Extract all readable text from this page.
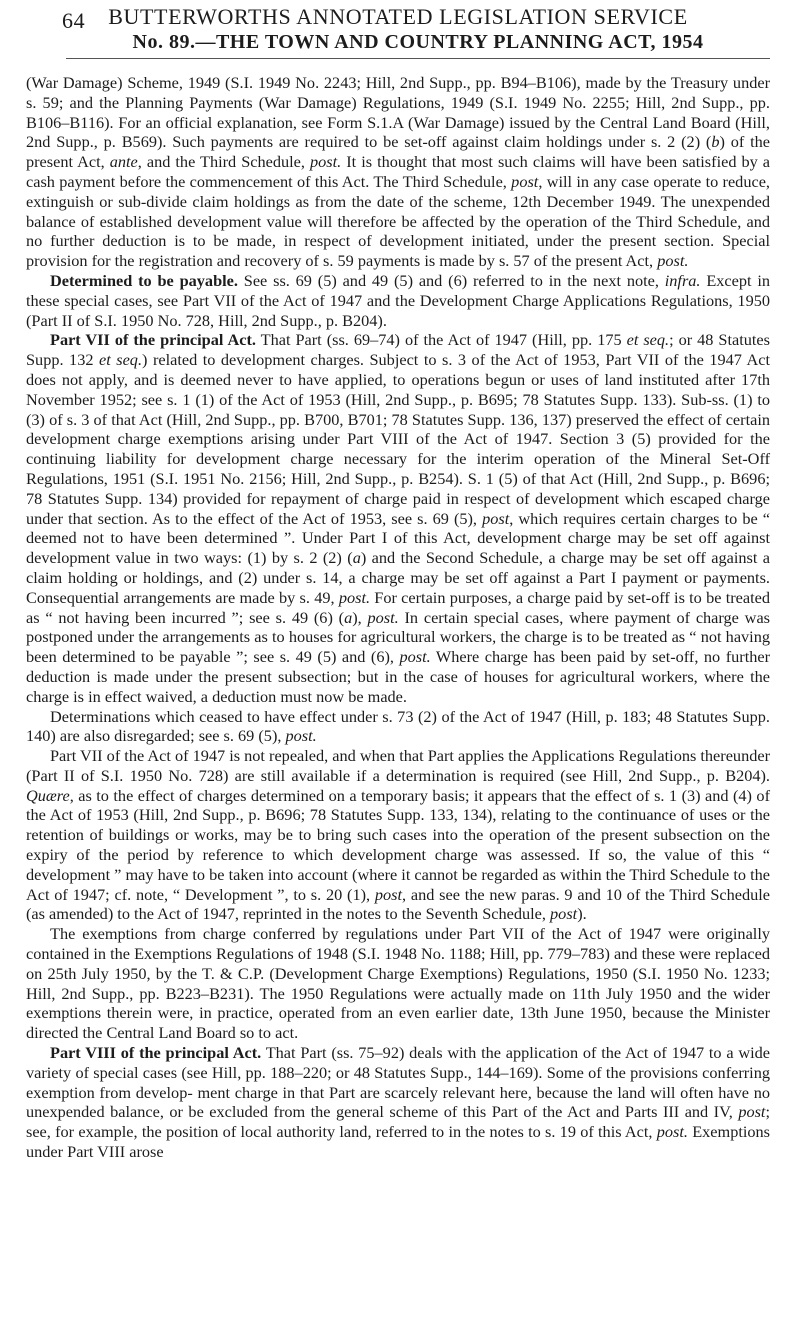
64 BUTTERWORTHS ANNOTATED LEGISLATION SERVICE
No. 89.—THE TOWN AND COUNTRY PLANNING ACT, 1954

(War Damage) Scheme, 1949 (S.I. 1949 No. 2243; Hill, 2nd Supp., pp. B94–B106), made by the Treasury under s. 59; and the Planning Payments (War Damage) Regulations, 1949 (S.I. 1949 No. 2255; Hill, 2nd Supp., pp. B106–B116). For an official explanation, see Form S.1.A (War Damage) issued by the Central Land Board (Hill, 2nd Supp., p. B569). Such payments are required to be set-off against claim holdings under s. 2 (2) (b) of the present Act, ante, and the Third Schedule, post. It is thought that most such claims will have been satisfied by a cash payment before the commencement of this Act. The Third Schedule, post, will in any case operate to reduce, extinguish or sub-divide claim holdings as from the date of the scheme, 12th December 1949. The unexpended balance of established development value will therefore be affected by the operation of the Third Schedule, and no further deduction is to be made, in respect of development initiated, under the present section. Special provision for the registration and recovery of s. 59 payments is made by s. 57 of the present Act, post.

Determined to be payable. See ss. 69 (5) and 49 (5) and (6) referred to in the next note, infra. Except in these special cases, see Part VII of the Act of 1947 and the Development Charge Applications Regulations, 1950 (Part II of S.I. 1950 No. 728, Hill, 2nd Supp., p. B204).

Part VII of the principal Act. That Part (ss. 69–74) of the Act of 1947 (Hill, pp. 175 et seq.; or 48 Statutes Supp. 132 et seq.) related to development charges. Subject to s. 3 of the Act of 1953, Part VII of the 1947 Act does not apply, and is deemed never to have applied, to operations begun or uses of land instituted after 17th November 1952; see s. 1 (1) of the Act of 1953 (Hill, 2nd Supp., p. B695; 78 Statutes Supp. 133). Sub-ss. (1) to (3) of s. 3 of that Act (Hill, 2nd Supp., pp. B700, B701; 78 Statutes Supp. 136, 137) preserved the effect of certain development charge exemptions arising under Part VIII of the Act of 1947. Section 3 (5) provided for the continuing liability for development charge necessary for the interim operation of the Mineral Set-Off Regulations, 1951 (S.I. 1951 No. 2156; Hill, 2nd Supp., p. B254). S. 1 (5) of that Act (Hill, 2nd Supp., p. B696; 78 Statutes Supp. 134) provided for repayment of charge paid in respect of development which escaped charge under that section. As to the effect of the Act of 1953, see s. 69 (5), post, which requires certain charges to be “ deemed not to have been determined ”. Under Part I of this Act, development charge may be set off against development value in two ways: (1) by s. 2 (2) (a) and the Second Schedule, a charge may be set off against a claim holding or holdings, and (2) under s. 14, a charge may be set off against a Part I payment or payments. Consequential arrangements are made by s. 49, post. For certain purposes, a charge paid by set-off is to be treated as “ not having been incurred ”; see s. 49 (6) (a), post. In certain special cases, where payment of charge was postponed under the arrangements as to houses for agricultural workers, the charge is to be treated as “ not having been determined to be payable ”; see s. 49 (5) and (6), post. Where charge has been paid by set-off, no further deduction is made under the present subsection; but in the case of houses for agricultural workers, where the charge is in effect waived, a deduction must now be made.

Determinations which ceased to have effect under s. 73 (2) of the Act of 1947 (Hill, p. 183; 48 Statutes Supp. 140) are also disregarded; see s. 69 (5), post.

Part VII of the Act of 1947 is not repealed, and when that Part applies the Applications Regulations thereunder (Part II of S.I. 1950 No. 728) are still available if a determination is required (see Hill, 2nd Supp., p. B204). Quære, as to the effect of charges determined on a temporary basis; it appears that the effect of s. 1 (3) and (4) of the Act of 1953 (Hill, 2nd Supp., p. B696; 78 Statutes Supp. 133, 134), relating to the continuance of uses or the retention of buildings or works, may be to bring such cases into the operation of the present subsection on the expiry of the period by reference to which development charge was assessed. If so, the value of this “ development ” may have to be taken into account (where it cannot be regarded as within the Third Schedule to the Act of 1947; cf. note, “ Development ”, to s. 20 (1), post, and see the new paras. 9 and 10 of the Third Schedule (as amended) to the Act of 1947, reprinted in the notes to the Seventh Schedule, post).

The exemptions from charge conferred by regulations under Part VII of the Act of 1947 were originally contained in the Exemptions Regulations of 1948 (S.I. 1948 No. 1188; Hill, pp. 779–783) and these were replaced on 25th July 1950, by the T. & C.P. (Development Charge Exemptions) Regulations, 1950 (S.I. 1950 No. 1233; Hill, 2nd Supp., pp. B223–B231). The 1950 Regulations were actually made on 11th July 1950 and the wider exemptions therein were, in practice, operated from an even earlier date, 13th June 1950, because the Minister directed the Central Land Board so to act.

Part VIII of the principal Act. That Part (ss. 75–92) deals with the application of the Act of 1947 to a wide variety of special cases (see Hill, pp. 188–220; or 48 Statutes Supp., 144–169). Some of the provisions conferring exemption from develop- ment charge in that Part are scarcely relevant here, because the land will often have no unexpended balance, or be excluded from the general scheme of this Part of the Act and Parts III and IV, post; see, for example, the position of local authority land, referred to in the notes to s. 19 of this Act, post. Exemptions under Part VIII arose
